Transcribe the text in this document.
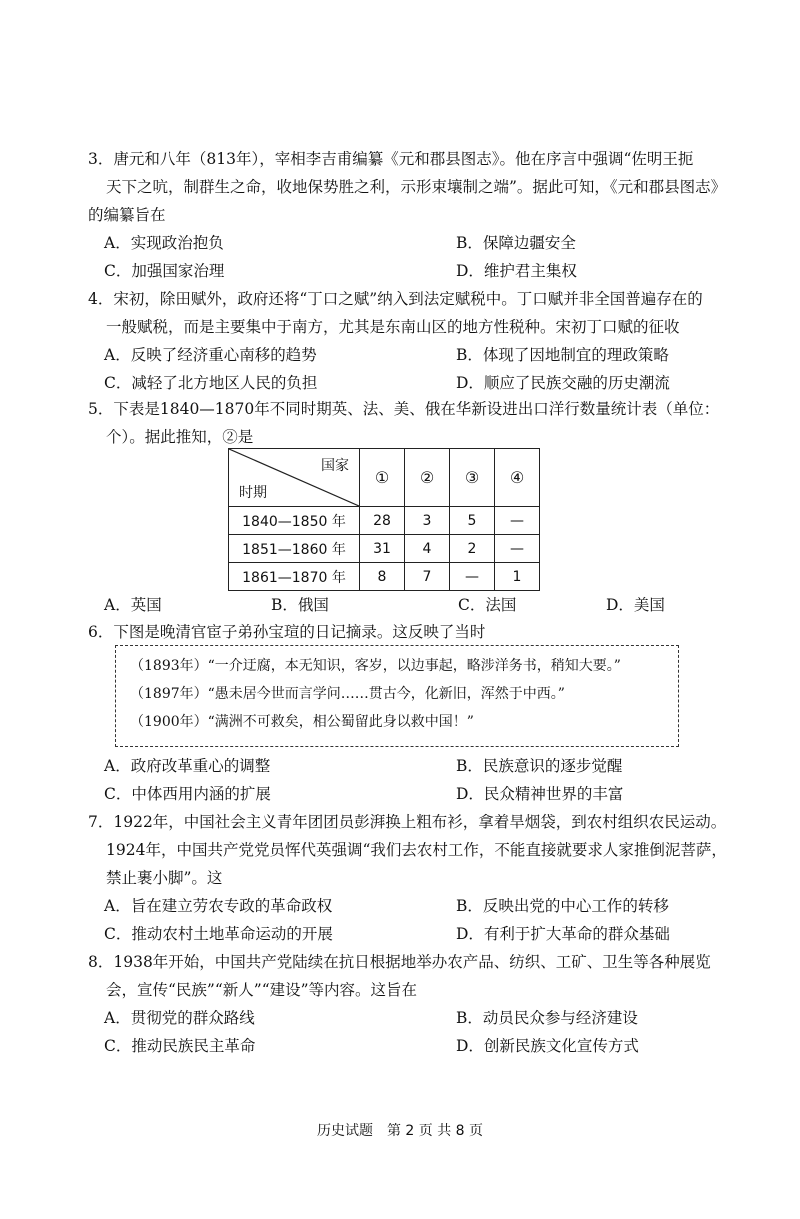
3．唐元和八年（813年），宰相李吉甫编纂《元和郡县图志》。他在序言中强调“佐明王扼
天下之吭，制群生之命，收地保势胜之利，示形束壤制之端”。据此可知，《元和郡县图志》
的编纂旨在
A．实现政治抱负	B．保障边疆安全
C．加强国家治理	D．维护君主集权
4．宋初，除田赋外，政府还将“丁口之赋”纳入到法定赋税中。丁口赋并非全国普遍存在的
一般赋税，而是主要集中于南方，尤其是东南山区的地方性税种。宋初丁口赋的征收
A．反映了经济重心南移的趋势	B．体现了因地制宜的理政策略
C．减轻了北方地区人民的负担	D．顺应了民族交融的历史潮流
5．下表是1840—1870年不同时期英、法、美、俄在华新设进出口洋行数量统计表（单位：
个）。据此推知，②是
国家
时期	①	②	③	④
1840—1850 年	28	3	5	—
1851—1860 年	31	4	2	—
1861—1870 年	8	7	—	1
A．英国	B．俄国	C．法国	D．美国
6．下图是晚清官宦子弟孙宝瑄的日记摘录。这反映了当时
（1893年）“一介迂腐，本无知识，客岁，以边事起，略涉洋务书，稍知大要。”
（1897年）“愚未居今世而言学问……贯古今，化新旧，浑然于中西。”
（1900年）“满洲不可救矣，相公蜀留此身以救中国！”
A．政府改革重心的调整	B．民族意识的逐步觉醒
C．中体西用内涵的扩展	D．民众精神世界的丰富
7．1922年，中国社会主义青年团团员彭湃换上粗布衫，拿着旱烟袋，到农村组织农民运动。
1924年，中国共产党党员恽代英强调“我们去农村工作，不能直接就要求人家推倒泥菩萨，
禁止裹小脚”。这
A．旨在建立劳农专政的革命政权	B．反映出党的中心工作的转移
C．推动农村土地革命运动的开展	D．有利于扩大革命的群众基础
8．1938年开始，中国共产党陆续在抗日根据地举办农产品、纺织、工矿、卫生等各种展览
会，宣传“民族”“新人”“建设”等内容。这旨在
A．贯彻党的群众路线	B．动员民众参与经济建设
C．推动民族民主革命	D．创新民族文化宣传方式
历史试题　第 2 页 共 8 页
